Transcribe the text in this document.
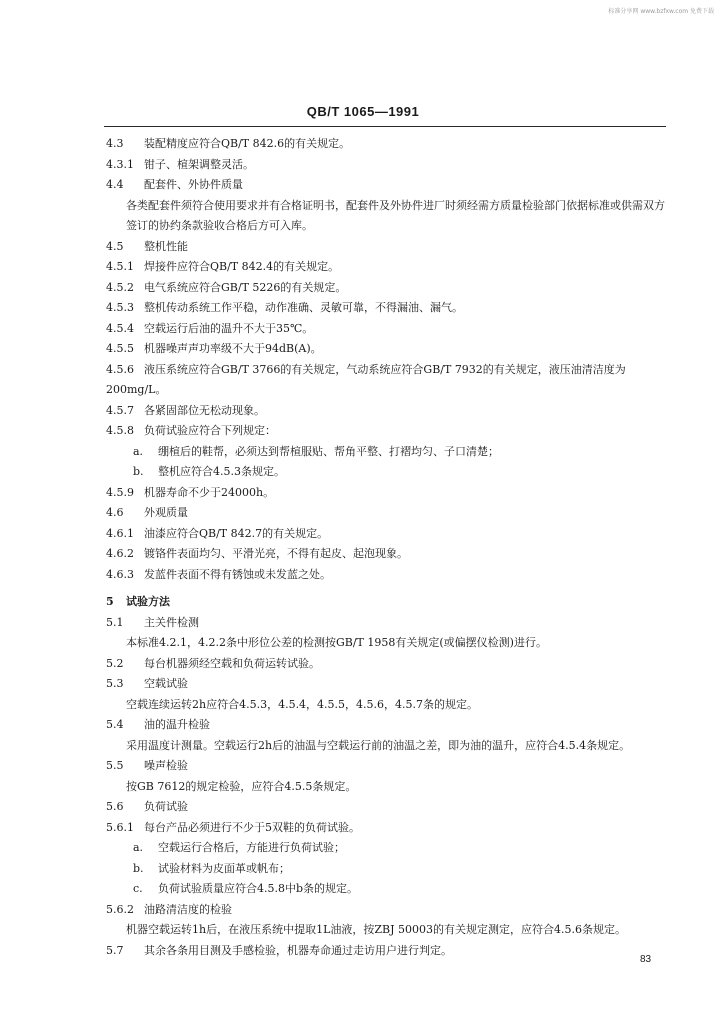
标准分享网 www.bzfxw.com 免费下载
QB/T 1065—1991
4.3 装配精度应符合QB/T 842.6的有关规定。
4.3.1 钳子、楦架调整灵活。
4.4 配套件、外协件质量
各类配套件须符合使用要求并有合格证明书，配套件及外协件进厂时须经需方质量检验部门依据标准或供需双方签订的协约条款验收合格后方可入库。
4.5 整机性能
4.5.1 焊接件应符合QB/T 842.4的有关规定。
4.5.2 电气系统应符合GB/T 5226的有关规定。
4.5.3 整机传动系统工作平稳，动作准确、灵敏可靠，不得漏油、漏气。
4.5.4 空载运行后油的温升不大于35℃。
4.5.5 机器噪声声功率级不大于94dB(A)。
4.5.6 液压系统应符合GB/T 3766的有关规定，气动系统应符合GB/T 7932的有关规定，液压油清洁度为200mg/L。
4.5.7 各紧固部位无松动现象。
4.5.8 负荷试验应符合下列规定：
a. 绷楦后的鞋帮，必须达到帮楦服贴、帮角平整、打褶均匀、子口清楚；
b. 整机应符合4.5.3条规定。
4.5.9 机器寿命不少于24000h。
4.6 外观质量
4.6.1 油漆应符合QB/T 842.7的有关规定。
4.6.2 镀铬件表面均匀、平滑光亮，不得有起皮、起泡现象。
4.6.3 发蓝件表面不得有锈蚀或未发蓝之处。
5 试验方法
5.1 主关件检测
本标准4.2.1，4.2.2条中形位公差的检测按GB/T 1958有关规定(或偏摆仪检测)进行。
5.2 每台机器须经空载和负荷运转试验。
5.3 空载试验
空载连续运转2h应符合4.5.3，4.5.4，4.5.5，4.5.6，4.5.7条的规定。
5.4 油的温升检验
采用温度计测量。空载运行2h后的油温与空载运行前的油温之差，即为油的温升，应符合4.5.4条规定。
5.5 噪声检验
按GB 7612的规定检验，应符合4.5.5条规定。
5.6 负荷试验
5.6.1 每台产品必须进行不少于5双鞋的负荷试验。
a. 空载运行合格后，方能进行负荷试验；
b. 试验材料为皮面革或帆布；
c. 负荷试验质量应符合4.5.8中b条的规定。
5.6.2 油路清洁度的检验
机器空载运转1h后，在液压系统中提取1L油液，按ZBJ 50003的有关规定测定，应符合4.5.6条规定。
5.7 其余各条用目测及手感检验，机器寿命通过走访用户进行判定。
83
